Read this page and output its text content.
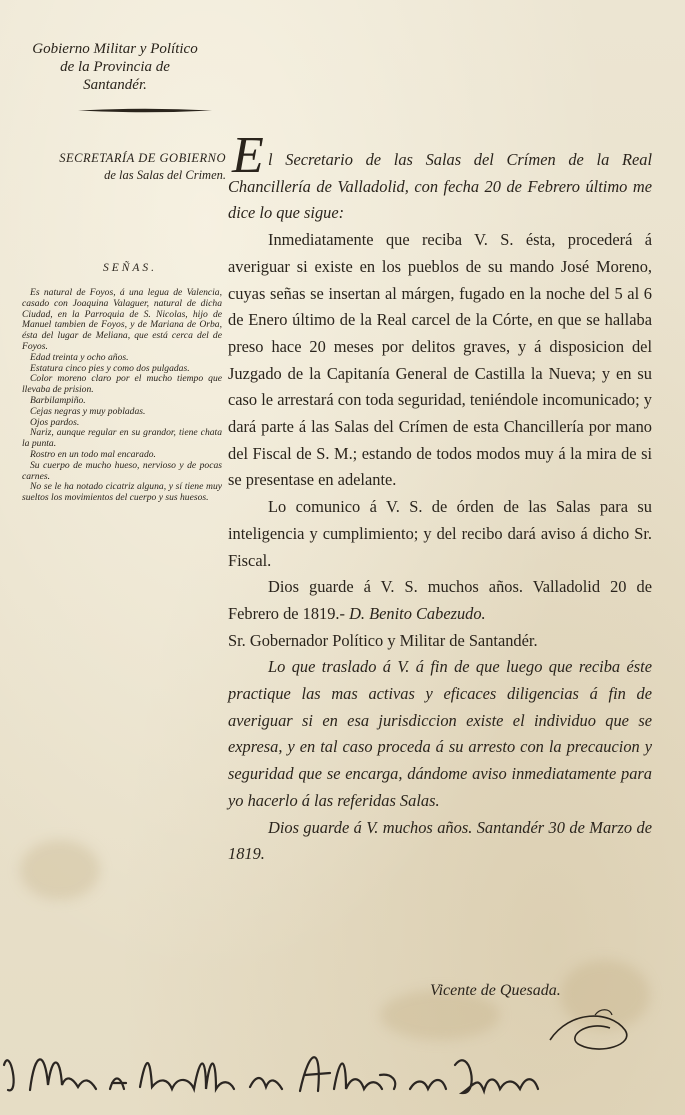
Gobierno Militar y Político
de la Provincia de
Santandér.
SECRETARÍA DE GOBIERNO
de las Salas del Crimen.
SEÑAS.

Es natural de Foyos, á una legua de Valencia, casado con Joaquina Valaguer, natural de dicha Ciudad, en la Parroquia de S. Nicolas, hijo de Manuel tambien de Foyos, y de Mariana de Orba, ésta del lugar de Meliana, que está cerca del de Foyos.

Edad treinta y ocho años.

Estatura cinco pies y como dos pulgadas.

Color moreno claro por el mucho tiempo que llevaba de prision.

Barbilampiño.

Cejas negras y muy pobladas.

Ojos pardos.

Nariz, aunque regular en su grandor, tiene chata la punta.

Rostro en un todo mal encarado.

Su cuerpo de mucho hueso, nervioso y de pocas carnes.

No se le ha notado cicatriz alguna, y sí tiene muy sueltos los movimientos del cuerpo y sus huesos.

E l Secretario de las Salas del Crímen de la Real Chancillería de Valladolid, con fecha 20 de Febrero último me dice lo que sigue:

Inmediatamente que reciba V. S. ésta, procederá á averiguar si existe en los pueblos de su mando José Moreno, cuyas señas se insertan al márgen, fugado en la noche del 5 al 6 de Enero último de la Real carcel de la Córte, en que se hallaba preso hace 20 meses por delitos graves, y á disposicion del Juzgado de la Capitanía General de Castilla la Nueva; y en su caso le arrestará con toda seguridad, teniéndole incomunicado; y dará parte á las Salas del Crímen de esta Chancillería por mano del Fiscal de S. M.; estando de todos modos muy á la mira de si se presentase en adelante.

Lo comunico á V. S. de órden de las Salas para su inteligencia y cumplimiento; y del recibo dará aviso á dicho Sr. Fiscal.

Dios guarde á V. S. muchos años. Valladolid 20 de Febrero de 1819.- D. Benito Cabezudo.

Sr. Gobernador Político y Militar de Santandér.

Lo que traslado á V. á fin de que luego que reciba éste practique las mas activas y eficaces diligencias á fin de averiguar si en esa jurisdiccion existe el individuo que se expresa, y en tal caso proceda á su arresto con la precaucion y seguridad que se encarga, dándome aviso inmediatamente para yo hacerlo á las referidas Salas.

Dios guarde á V. muchos años. Santandér 30 de Marzo de 1819.

Vicente de Quesada.
